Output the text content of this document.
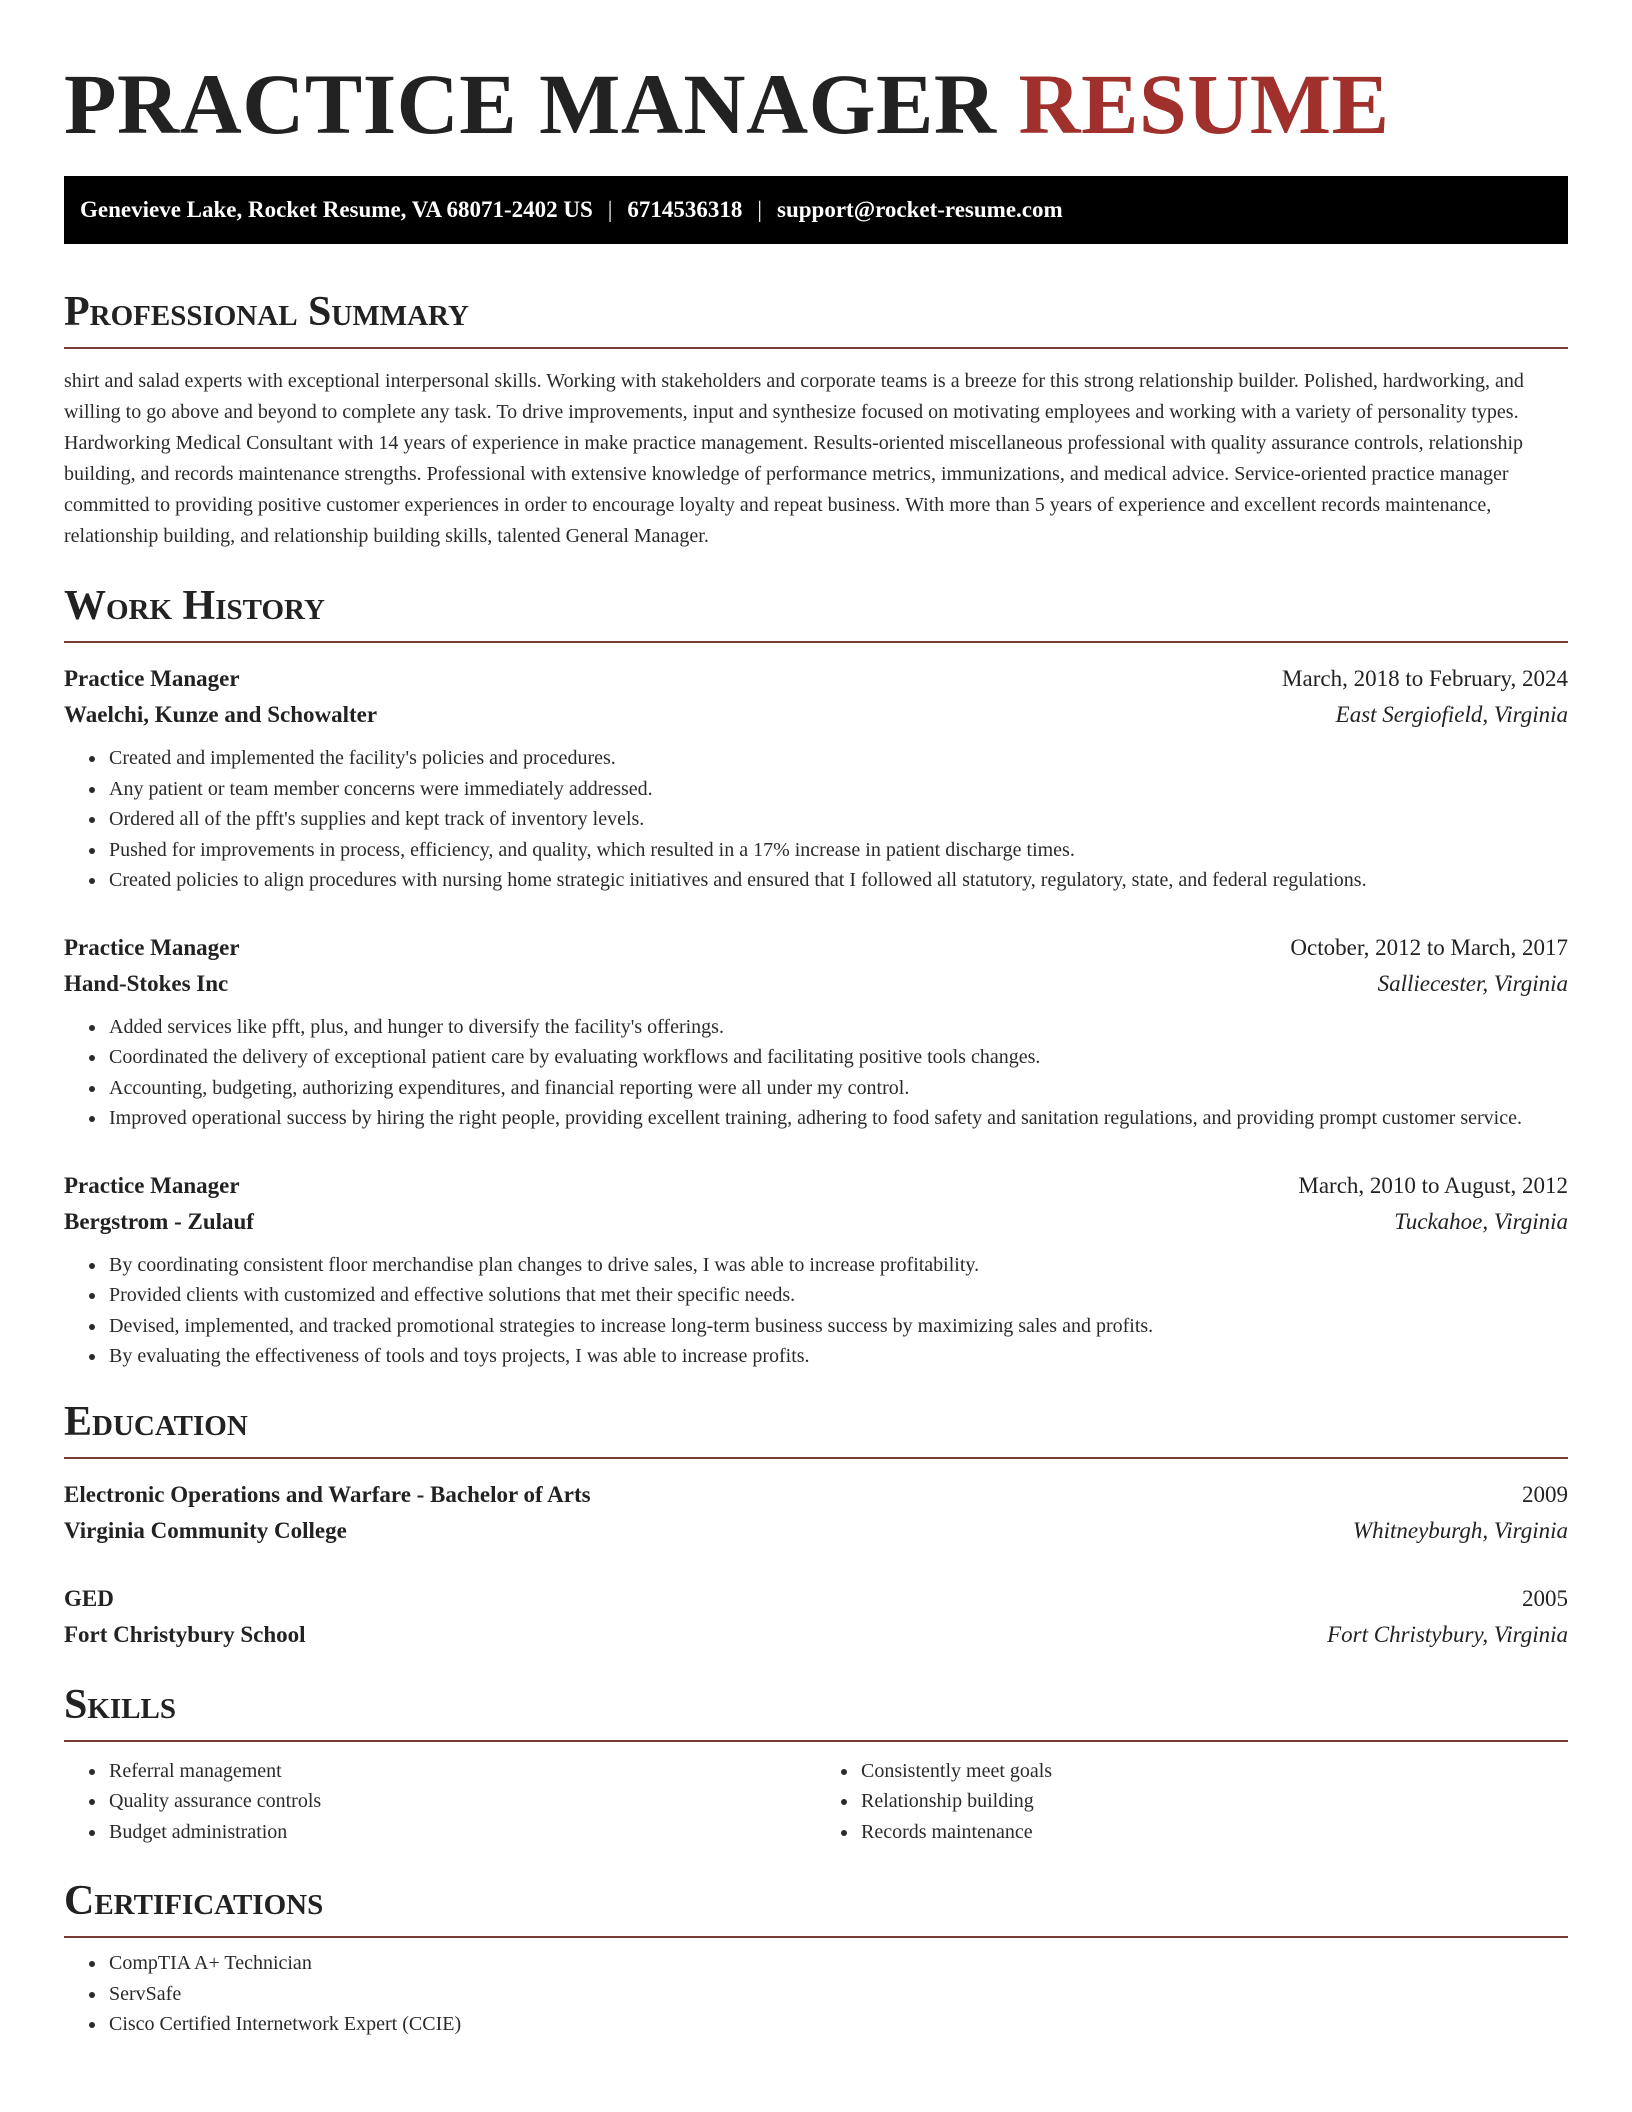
PRACTICE MANAGER RESUME
Genevieve Lake, Rocket Resume, VA 68071-2402 US | 6714536318 | support@rocket-resume.com
Professional Summary

shirt and salad experts with exceptional interpersonal skills. Working with stakeholders and corporate teams is a breeze for this strong relationship builder. Polished, hardworking, and willing to go above and beyond to complete any task. To drive improvements, input and synthesize focused on motivating employees and working with a variety of personality types. Hardworking Medical Consultant with 14 years of experience in make practice management. Results-oriented miscellaneous professional with quality assurance controls, relationship building, and records maintenance strengths. Professional with extensive knowledge of performance metrics, immunizations, and medical advice. Service-oriented practice manager committed to providing positive customer experiences in order to encourage loyalty and repeat business. With more than 5 years of experience and excellent records maintenance, relationship building, and relationship building skills, talented General Manager.

Work History
Practice Manager	March, 2018 to February, 2024
Waelchi, Kunze and Schowalter	East Sergiofield, Virginia
• Created and implemented the facility's policies and procedures.
• Any patient or team member concerns were immediately addressed.
• Ordered all of the pfft's supplies and kept track of inventory levels.
• Pushed for improvements in process, efficiency, and quality, which resulted in a 17% increase in patient discharge times.
• Created policies to align procedures with nursing home strategic initiatives and ensured that I followed all statutory, regulatory, state, and federal regulations.
Practice Manager	October, 2012 to March, 2017
Hand-Stokes Inc	Salliecester, Virginia
• Added services like pfft, plus, and hunger to diversify the facility's offerings.
• Coordinated the delivery of exceptional patient care by evaluating workflows and facilitating positive tools changes.
• Accounting, budgeting, authorizing expenditures, and financial reporting were all under my control.
• Improved operational success by hiring the right people, providing excellent training, adhering to food safety and sanitation regulations, and providing prompt customer service.
Practice Manager	March, 2010 to August, 2012
Bergstrom - Zulauf	Tuckahoe, Virginia
• By coordinating consistent floor merchandise plan changes to drive sales, I was able to increase profitability.
• Provided clients with customized and effective solutions that met their specific needs.
• Devised, implemented, and tracked promotional strategies to increase long-term business success by maximizing sales and profits.
• By evaluating the effectiveness of tools and toys projects, I was able to increase profits.
Education
Electronic Operations and Warfare - Bachelor of Arts	2009
Virginia Community College	Whitneyburgh, Virginia
GED	2005
Fort Christybury School	Fort Christybury, Virginia
Skills
• Referral management
• Quality assurance controls
• Budget administration
• Consistently meet goals
• Relationship building
• Records maintenance
Certifications
• CompTIA A+ Technician
• ServSafe
• Cisco Certified Internetwork Expert (CCIE)
